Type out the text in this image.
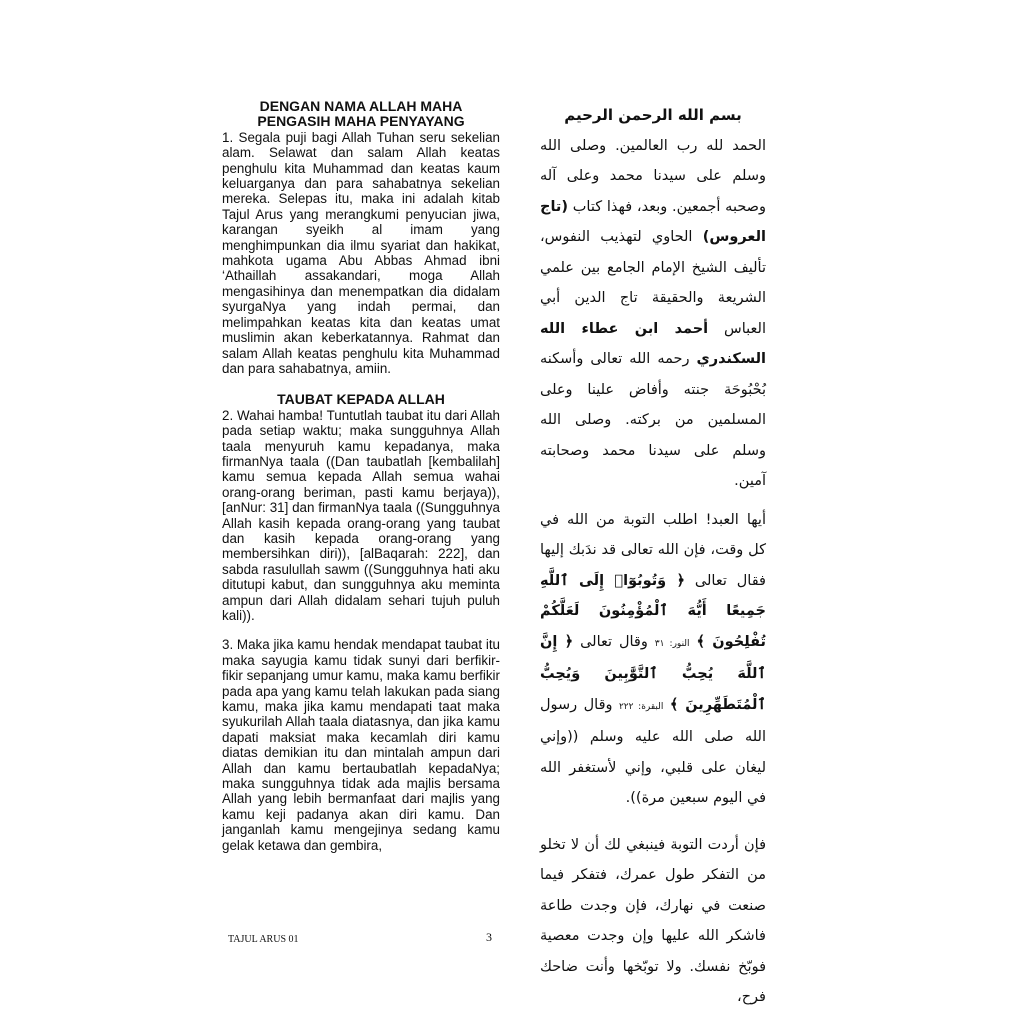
DENGAN NAMA ALLAH MAHA PENGASIH MAHA PENYAYANG

1. Segala puji bagi Allah Tuhan seru sekelian alam. Selawat dan salam Allah keatas penghulu kita Muhammad dan keatas kaum keluarganya dan para sahabatnya sekelian mereka. Selepas itu, maka ini adalah kitab Tajul Arus yang merangkumi penyucian jiwa, karangan syeikh al imam yang menghimpunkan dia ilmu syariat dan hakikat, mahkota ugama Abu Abbas Ahmad ibni ‘Athaillah assakandari, moga Allah mengasihinya dan menempatkan dia didalam syurgaNya yang indah permai, dan melimpahkan keatas kita dan keatas umat muslimin akan keberkatannya. Rahmat dan salam Allah keatas penghulu kita Muhammad dan para sahabatnya, amiin.

TAUBAT KEPADA ALLAH

2. Wahai hamba! Tuntutlah taubat itu dari Allah pada setiap waktu; maka sungguhnya Allah taala menyuruh kamu kepadanya, maka firmanNya taala ((Dan taubatlah [kembalilah] kamu semua kepada Allah semua wahai orang-orang beriman, pasti kamu berjaya)), [anNur: 31] dan firmanNya taala ((Sungguhnya Allah kasih kepada orang-orang yang taubat dan kasih kepada orang-orang yang membersihkan diri)), [alBaqarah: 222], dan sabda rasulullah sawm ((Sungguhnya hati aku ditutupi kabut, dan sungguhnya aku meminta ampun dari Allah didalam sehari tujuh puluh kali)).

3. Maka jika kamu hendak mendapat taubat itu maka sayugia kamu tidak sunyi dari berfikir-fikir sepanjang umur kamu, maka kamu berfikir pada apa yang kamu telah lakukan pada siang kamu, maka jika kamu mendapati taat maka syukurilah Allah taala diatasnya, dan jika kamu dapati maksiat maka kecamlah diri kamu diatas demikian itu dan mintalah ampun dari Allah dan kamu bertaubatlah kepadaNya; maka sungguhnya tidak ada majlis bersama Allah yang lebih bermanfaat dari majlis yang kamu keji padanya akan diri kamu. Dan janganlah kamu mengejinya sedang kamu gelak ketawa dan gembira,

بسم الله الرحمن الرحيم

الحمد لله رب العالمين. وصلى الله وسلم على سيدنا محمد وعلى آله وصحبه أجمعين. وبعد، فهذا كتاب (تاج العروس) الحاوي لتهذيب النفوس، تأليف الشيخ الإمام الجامع بين علمي الشريعة والحقيقة تاج الدين أبي العباس أحمد ابن عطاء الله السكندري رحمه الله تعالى وأسكنه بُحْبُوحَة جنته وأفاض علينا وعلى المسلمين من بركته. وصلى الله وسلم على سيدنا محمد وصحابته آمين.

أيها العبد! اطلب التوبة من الله في كل وقت، فإن الله تعالى قد ندَبك إليها فقال تعالى ﴿ وَتُوبُوٓا۟ إِلَى ٱللَّهِ جَمِيعًا أَيُّهَ ٱلْمُؤْمِنُونَ لَعَلَّكُمْ تُفْلِحُونَ ﴾ النور: ٣١ وقال تعالى ﴿ إِنَّ ٱللَّهَ يُحِبُّ ٱلتَّوَّٰبِينَ وَيُحِبُّ ٱلْمُتَطَهِّرِينَ ﴾ البقرة: ٢٢٢ وقال رسول الله صلى الله عليه وسلم ((وإني ليغان على قلبي، وإني لأستغفر الله في اليوم سبعين مرة)).

فإن أردت التوبة فينبغي لك أن لا تخلو من التفكر طول عمرك، فتفكر فيما صنعت في نهارك، فإن وجدت طاعة فاشكر الله عليها وإن وجدت معصية فوبّخ نفسك. ولا توبّخها وأنت ضاحك فرح،

TAJUL ARUS 01	3
